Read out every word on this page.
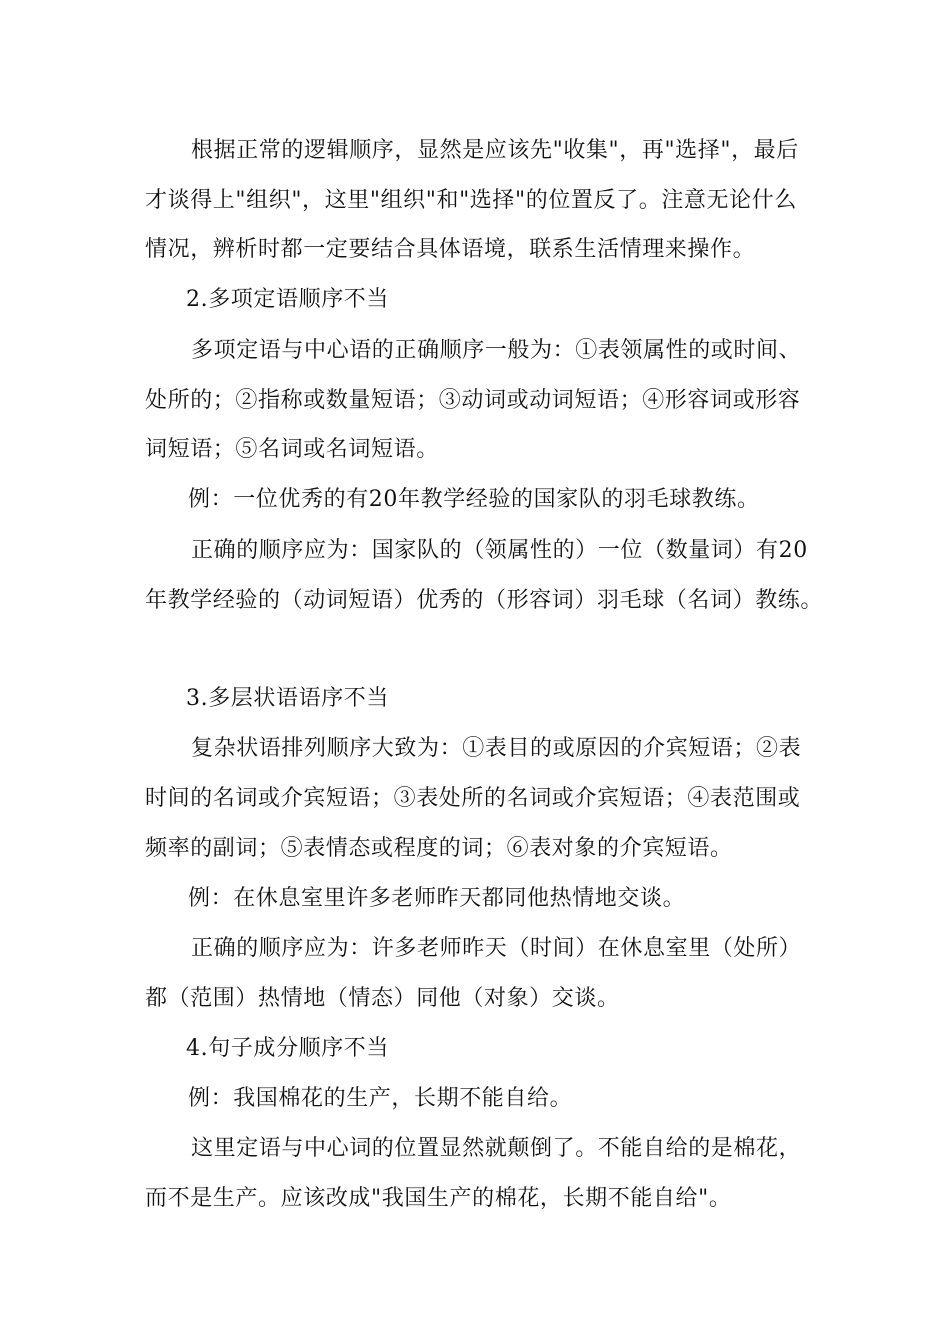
根据正常的逻辑顺序，显然是应该先"收集"，再"选择"，最后

才谈得上"组织"，这里"组织"和"选择"的位置反了。注意无论什么

情况，辨析时都一定要结合具体语境，联系生活情理来操作。

2.多项定语顺序不当

多项定语与中心语的正确顺序一般为：①表领属性的或时间、

处所的；②指称或数量短语；③动词或动词短语；④形容词或形容

词短语；⑤名词或名词短语。

例：一位优秀的有20年教学经验的国家队的羽毛球教练。

正确的顺序应为：国家队的（领属性的）一位（数量词）有20

年教学经验的（动词短语）优秀的（形容词）羽毛球（名词）教练。

3.多层状语语序不当

复杂状语排列顺序大致为：①表目的或原因的介宾短语；②表

时间的名词或介宾短语；③表处所的名词或介宾短语；④表范围或

频率的副词；⑤表情态或程度的词；⑥表对象的介宾短语。

例：在休息室里许多老师昨天都同他热情地交谈。

正确的顺序应为：许多老师昨天（时间）在休息室里（处所）

都（范围）热情地（情态）同他（对象）交谈。

4.句子成分顺序不当

例：我国棉花的生产，长期不能自给。

这里定语与中心词的位置显然就颠倒了。不能自给的是棉花，

而不是生产。应该改成"我国生产的棉花，长期不能自给"。
